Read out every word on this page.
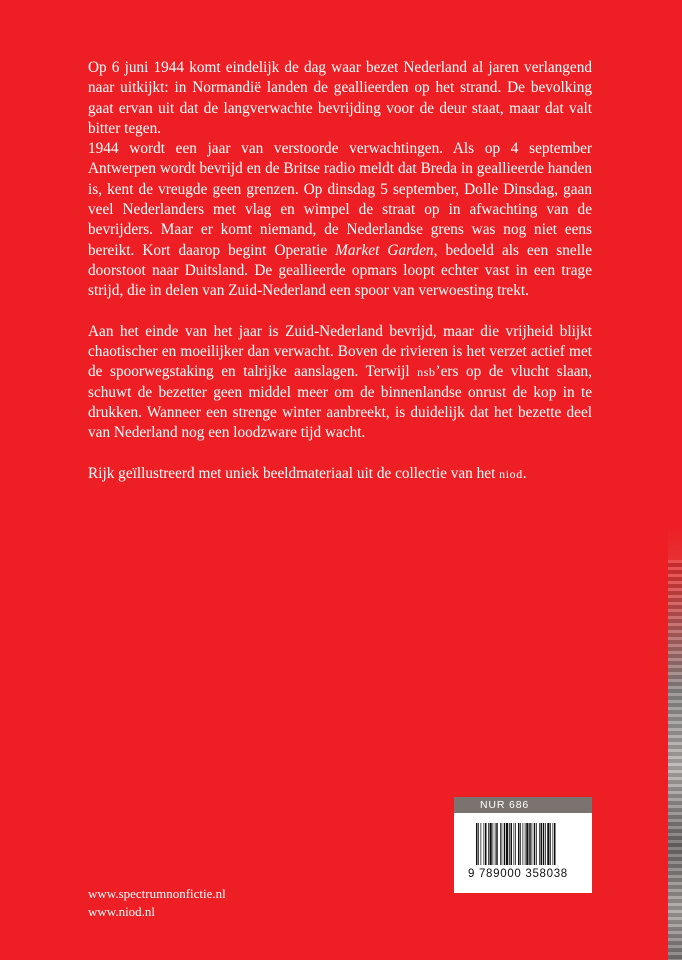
Op 6 juni 1944 komt eindelijk de dag waar bezet Nederland al jaren verlangend naar uitkijkt: in Normandië landen de geallieerden op het strand. De bevolking gaat ervan uit dat de langverwachte bevrijding voor de deur staat, maar dat valt bitter tegen.

1944 wordt een jaar van verstoorde verwachtingen. Als op 4 september Antwerpen wordt bevrijd en de Britse radio meldt dat Breda in geallieerde handen is, kent de vreugde geen grenzen. Op dinsdag 5 september, Dolle Dinsdag, gaan veel Nederlanders met vlag en wimpel de straat op in afwachting van de bevrijders. Maar er komt niemand, de Nederlandse grens was nog niet eens bereikt. Kort daarop begint Operatie Market Garden, bedoeld als een snelle doorstoot naar Duitsland. De geallieerde opmars loopt echter vast in een trage strijd, die in delen van Zuid-Nederland een spoor van verwoesting trekt.

Aan het einde van het jaar is Zuid-Nederland bevrijd, maar die vrijheid blijkt chaotischer en moeilijker dan verwacht. Boven de rivieren is het verzet actief met de spoorwegstaking en talrijke aanslagen. Terwijl nsb’ers op de vlucht slaan, schuwt de bezetter geen middel meer om de binnenlandse onrust de kop in te drukken. Wanneer een strenge winter aanbreekt, is duidelijk dat het bezette deel van Nederland nog een loodzware tijd wacht.

Rijk geïllustreerd met uniek beeldmateriaal uit de collectie van het niod.

NUR 686
9 789000 358038
www.spectrumnonfictie.nl
www.niod.nl
